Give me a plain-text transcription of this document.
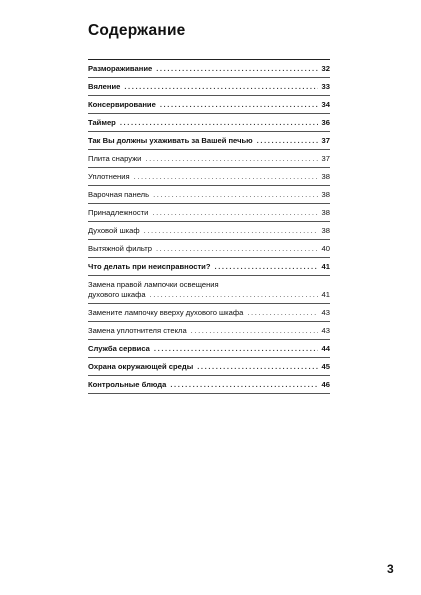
Содержание
Размораживание .....	32
Вяление .....	33
Консервирование .....	34
Таймер .....	36
Так Вы должны ухаживать за Вашей печью .....	37
Плита снаружи .....	37
Уплотнения .....	38
Варочная панель .....	38
Принадлежности .....	38
Духовой шкаф .....	38
Вытяжной фильтр .....	40
Что делать при неисправности? .....	41
Замена правой лампочки освещения
духового шкафа .....	41
Замените лампочку вверху духового шкафа .....	43
Замена уплотнителя стекла .....	43
Служба сервиса .....	44
Охрана окружающей среды .....	45
Контрольные блюда .....	46
3
